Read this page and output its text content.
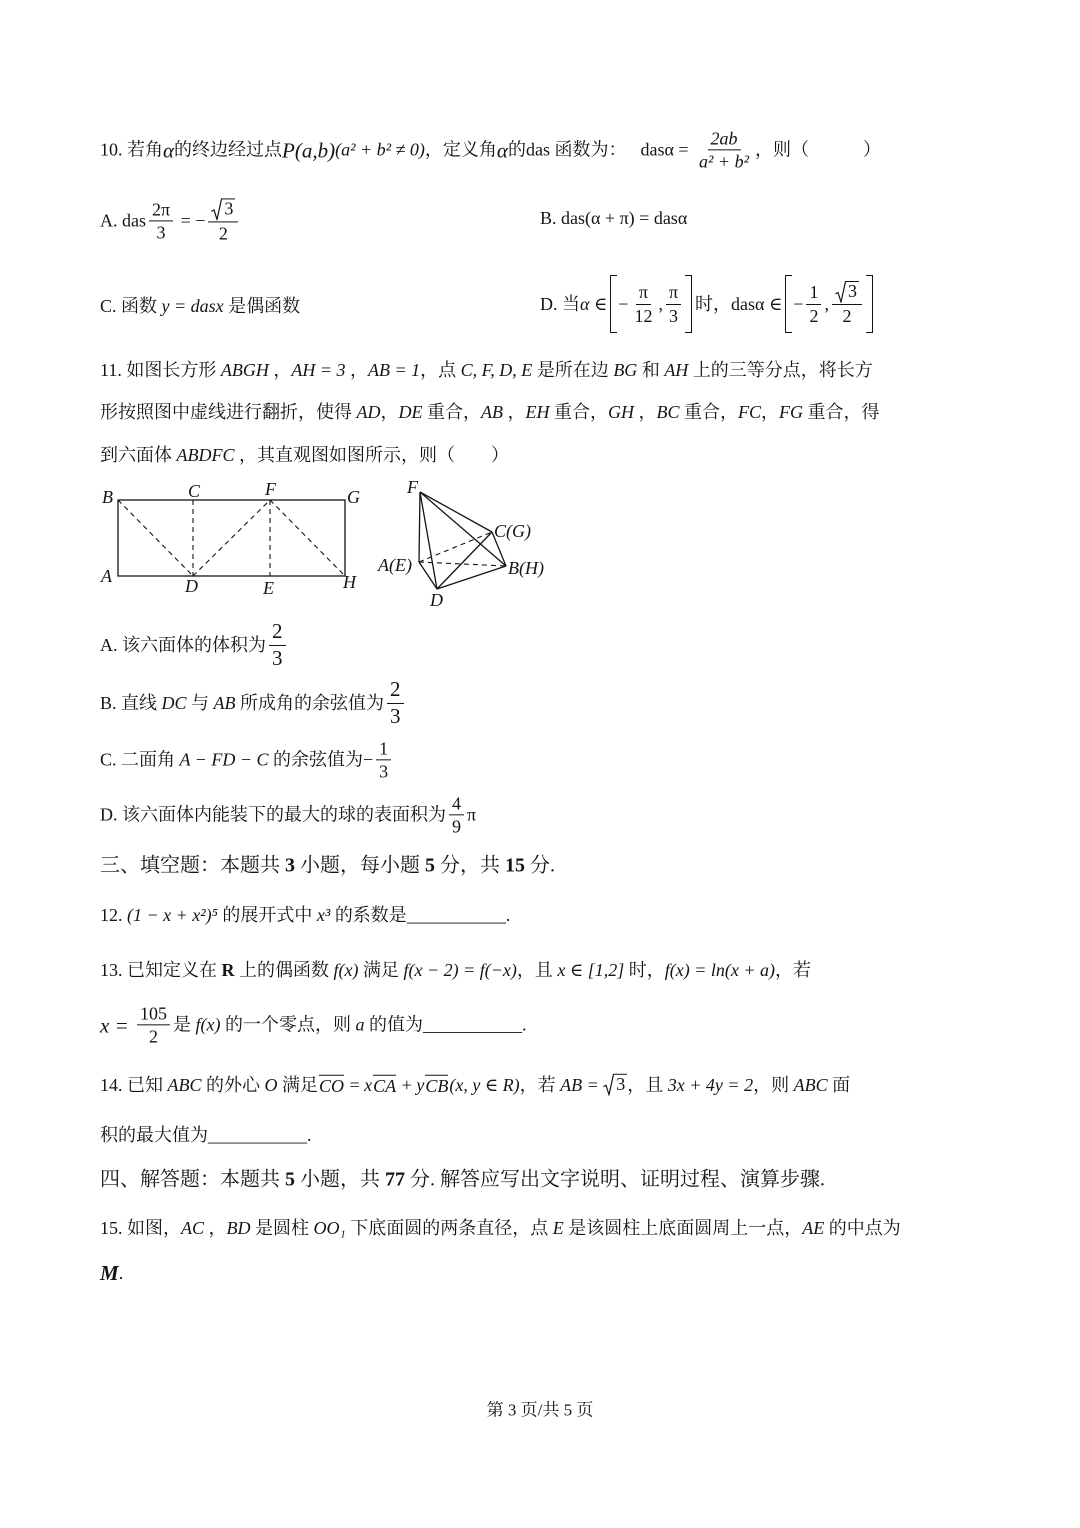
10. 若角 α 的终边经过点 P(a,b) (a² + b² ≠ 0) ，定义角 α 的das 函数为： $das\alpha = \frac{2ab}{\text{a² + b²}}$ ，则（　　　）
A. das $\frac{2\pi}{3}$ = − $\frac{3}{2}$	B. das(α + π) = dasα
C. 函数 y = dasx 是偶函数	D. 当 α ∈ − $\frac{\pi}{12}$ , $\frac{\pi}{3}$ 时， dasα ∈ − $\frac{1}{2}$ , $\frac{3}{2}$
11. 如图长方形 ABGH ， AH = 3 ， AB = 1 ，点 C, F, D, E 是所在边 BG 和 AH 上的三等分点，将长方
形按照图中虚线进行翻折，使得 AD ， DE 重合， AB ， EH 重合， GH ， BC 重合， FC ， FG 重合，得
到六面体 ABDFC ，其直观图如图所示，则（　　）
B	C	F	G
A	D	E	H
F
C(G)
A(E)	B(H)
D
A. 该六面体的体积为 $\frac{2}{3}$
B. 直线 DC 与 AB 所成角的余弦值为 $\frac{2}{3}$
C. 二面角 A − FD − C 的余弦值为 − $\frac{1}{3}$
D. 该六面体内能装下的最大的球的表面积为 $\frac{4}{9}$ π
三、填空题：本题共 3 小题，每小题 5 分，共 15 分.
12. (1 − x + x²)⁵ 的展开式中 x³ 的系数是 ___________ .
13. 已知定义在 R 上的偶函数 f(x) 满足 f(x − 2) = f(−x) ，且 x ∈ [1,2] 时， f(x) = ln(x + a) ，若
$x = \frac{105}{2}$ 是 f(x) 的一个零点，则 a 的值为 ___________ .
14. 已知 ABC 的外心 O 满足 CO = x CA + y CB (x, y ∈ R) ，若 AB = 3 ，且 3x + 4y = 2 ，则 ABC 面
积的最大值为 ___________ .
四、解答题：本题共 5 小题，共 77 分. 解答应写出文字说明、证明过程、演算步骤.
15. 如图， AC ， BD 是圆柱 OO₁ 下底面圆的两条直径，点 E 是该圆柱上底面圆周上一点， AE 的中点为
M .
第 3 页/共 5 页
